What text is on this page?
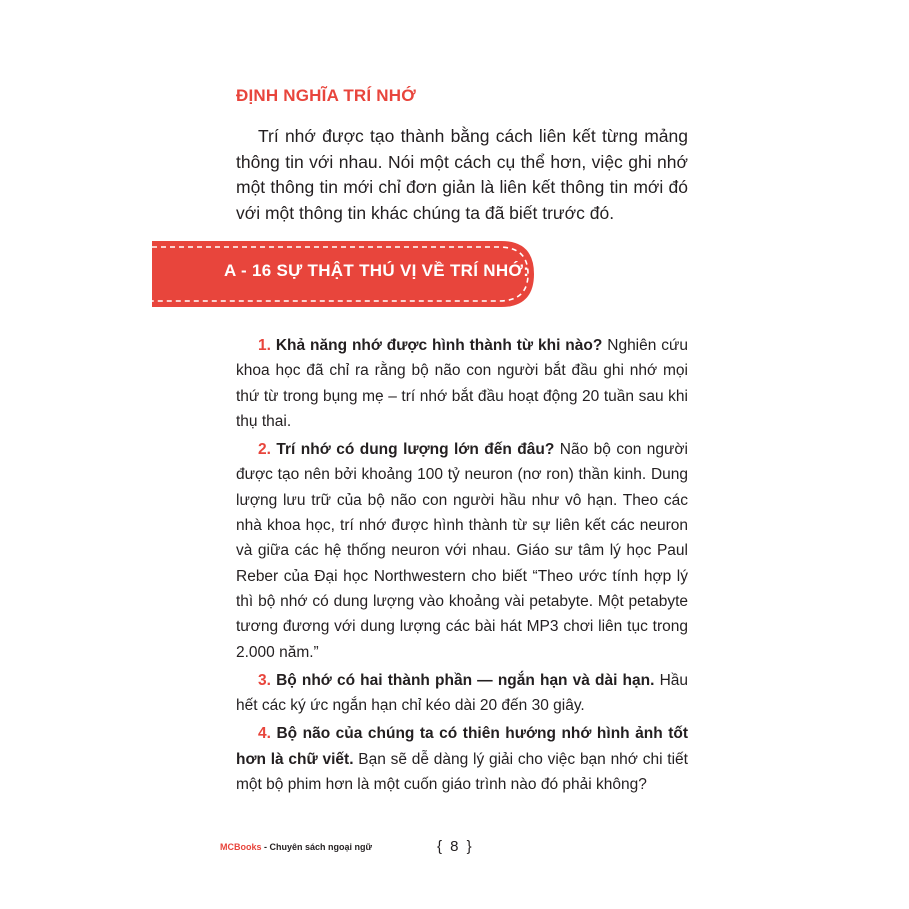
ĐỊNH NGHĨA TRÍ NHỚ

Trí nhớ được tạo thành bằng cách liên kết từng mảng thông tin với nhau. Nói một cách cụ thể hơn, việc ghi nhớ một thông tin mới chỉ đơn giản là liên kết thông tin mới đó với một thông tin khác chúng ta đã biết trước đó.

A - 16 SỰ THẬT THÚ VỊ VỀ TRÍ NHỚ:

1. Khả năng nhớ được hình thành từ khi nào? Nghiên cứu khoa học đã chỉ ra rằng bộ não con người bắt đầu ghi nhớ mọi thứ từ trong bụng mẹ – trí nhớ bắt đầu hoạt động 20 tuần sau khi thụ thai.

2. Trí nhớ có dung lượng lớn đến đâu? Não bộ con người được tạo nên bởi khoảng 100 tỷ neuron (nơ ron) thần kinh. Dung lượng lưu trữ của bộ não con người hầu như vô hạn. Theo các nhà khoa học, trí nhớ được hình thành từ sự liên kết các neuron và giữa các hệ thống neuron với nhau. Giáo sư tâm lý học Paul Reber của Đại học Northwestern cho biết “Theo ước tính hợp lý thì bộ nhớ có dung lượng vào khoảng vài petabyte. Một petabyte tương đương với dung lượng các bài hát MP3 chơi liên tục trong 2.000 năm.”

3. Bộ nhớ có hai thành phần — ngắn hạn và dài hạn. Hầu hết các ký ức ngắn hạn chỉ kéo dài 20 đến 30 giây.

4. Bộ não của chúng ta có thiên hướng nhớ hình ảnh tốt hơn là chữ viết. Bạn sẽ dễ dàng lý giải cho việc bạn nhớ chi tiết một bộ phim hơn là một cuốn giáo trình nào đó phải không?

MCBooks - Chuyên sách ngoại ngữ	{ 8 }
